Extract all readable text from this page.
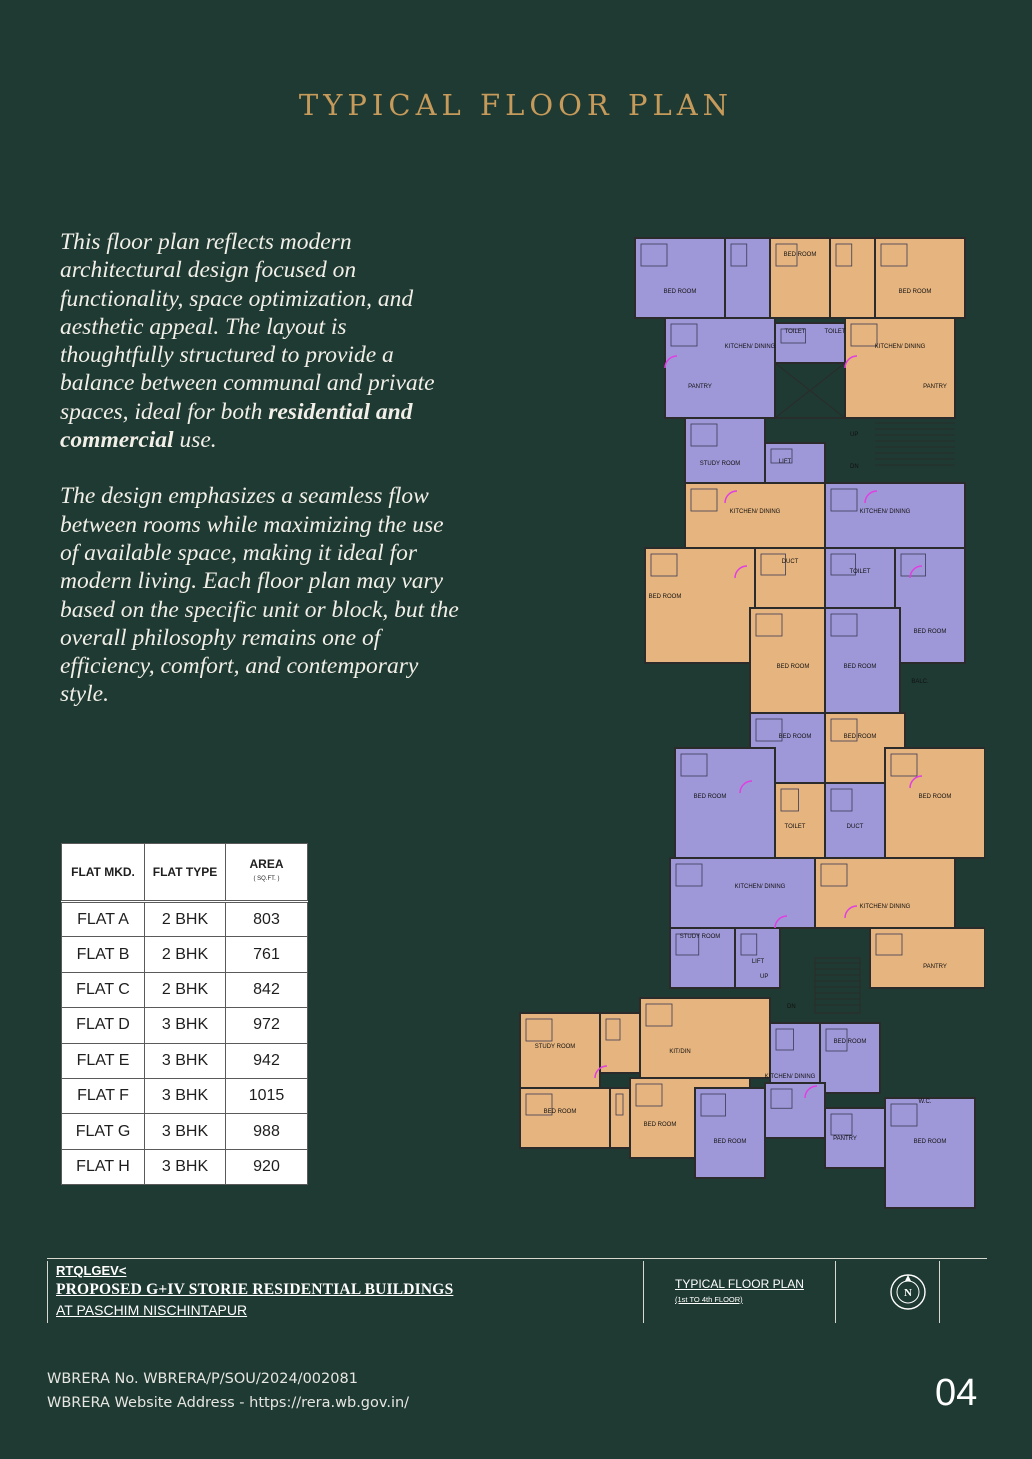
TYPICAL FLOOR PLAN

This floor plan reflects modern architectural design focused on functionality, space optimization, and aesthetic appeal. The layout is thoughtfully structured to provide a balance between communal and private spaces, ideal for both residential and commercial use.

The design emphasizes a seamless flow between rooms while maximizing the use of available space, making it ideal for modern living. Each floor plan may vary based on the specific unit or block, but the overall philosophy remains one of efficiency, comfort, and contemporary style.

FLAT MKD.	FLAT TYPE	AREA
( SQ.FT. )

FLAT A	2 BHK	803
FLAT B	2 BHK	761
FLAT C	2 BHK	842
FLAT D	3 BHK	972
FLAT E	3 BHK	942
FLAT F	3 BHK	1015
FLAT G	3 BHK	988
FLAT H	3 BHK	920
BED ROOM
BED ROOM
BED ROOM
KITCHEN/ DINING	KITCHEN/ DINING
TOILET	TOILET
PANTRY	PANTRY
STUDY ROOM	LIFT
KITCHEN/ DINING	KITCHEN/ DINING
BED ROOM
BED ROOM
DUCT
TOILET
BED ROOM	BED ROOM
BALC.
BED ROOM	BED ROOM
BED ROOM	BED ROOM
TOILET	DUCT
KITCHEN/ DINING
KITCHEN/ DINING
STUDY ROOM
LIFT
PANTRY
STUDY ROOM
KIT/DIN
BED ROOM
KITCHEN/ DINING
BED ROOM
BED ROOM
BED ROOM	PANTRY	BED ROOM
W.C.
UP
DN
UP
DN
RTQLGEV<
PROPOSED G+IV STORIE RESIDENTIAL BUILDINGS
AT PASCHIM NISCHINTAPUR
TYPICAL FLOOR PLAN
(1st TO 4th FLOOR)
N
WBRERA No. WBRERA/P/SOU/2024/002081
WBRERA Website Address - https://rera.wb.gov.in/	04
